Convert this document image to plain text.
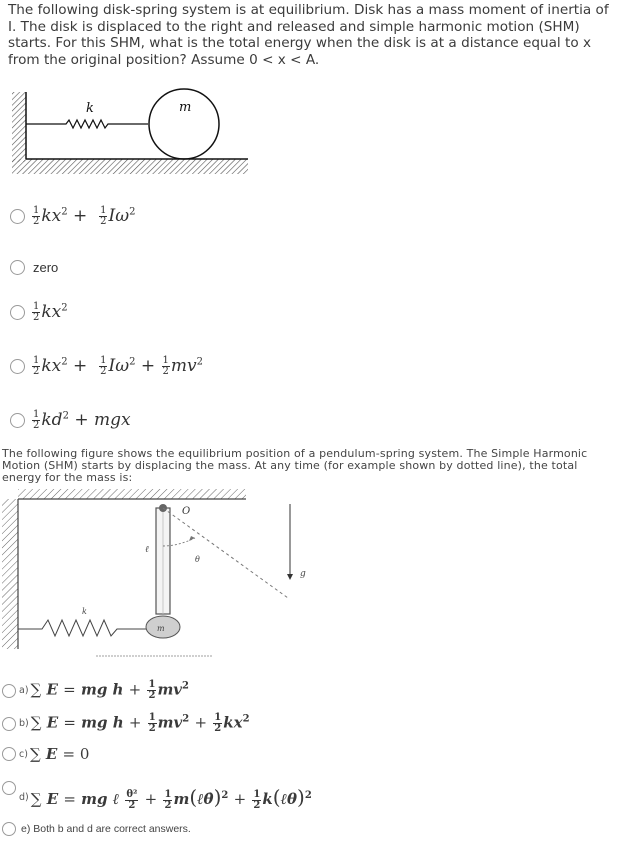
The following disk-spring system is at equilibrium. Disk has a mass moment of inertia of I. The disk is displaced to the right and released and simple harmonic motion (SHM) starts. For this SHM, what is the total energy when the disk is at a distance equal to x from the original position? Assume 0 < x < A.
k	m
$\frac{1}{2} kx^2 + \frac{1}{2} I\omega^2$
zero
$\frac{1}{2} kx^2$
$\frac{1}{2} kx^2 + \frac{1}{2} I\omega^2 + \frac{1}{2} mv^2$
$\frac{1}{2} kd^2$ + mgx
The following figure shows the equilibrium position of a pendulum-spring system. The Simple Harmonic Motion (SHM) starts by displacing the mass. At any time (for example shown by dotted line), the total energy for the mass is:
O
θ
ℓ
g
k
m
a) ∑ E = mg $h + \frac{1}{2} mv^2$
b) ∑ E = mg $h + \frac{1}{2} mv^2 + \frac{1}{2} kx^2$
c) ∑ E = 0
d) ∑ E = mg ℓ $\frac{\text{θ²}}{2} + \frac{1}{2}$ m(ℓθ̇)$^2$ + $\frac{1}{2}$ k(ℓθ)$^2$
e) Both b and d are correct answers.
